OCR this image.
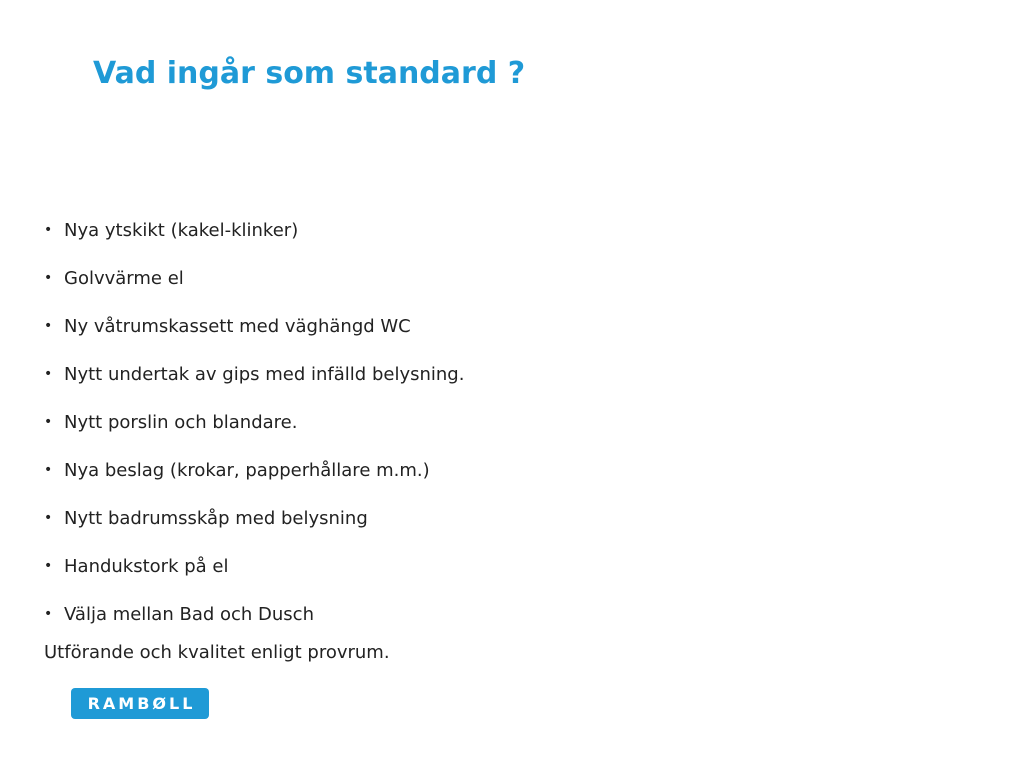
Vad ingår som standard ?
• Nya ytskikt (kakel-klinker)
• Golvvärme el
• Ny våtrumskassett med väghängd WC
• Nytt undertak av gips med infälld belysning.
• Nytt porslin och blandare.
• Nya beslag (krokar, papperhållare m.m.)
• Nytt badrumsskåp med belysning
• Handukstork på el
• Välja mellan Bad och Dusch

Utförande och kvalitet enligt provrum.

RAMBØLL
